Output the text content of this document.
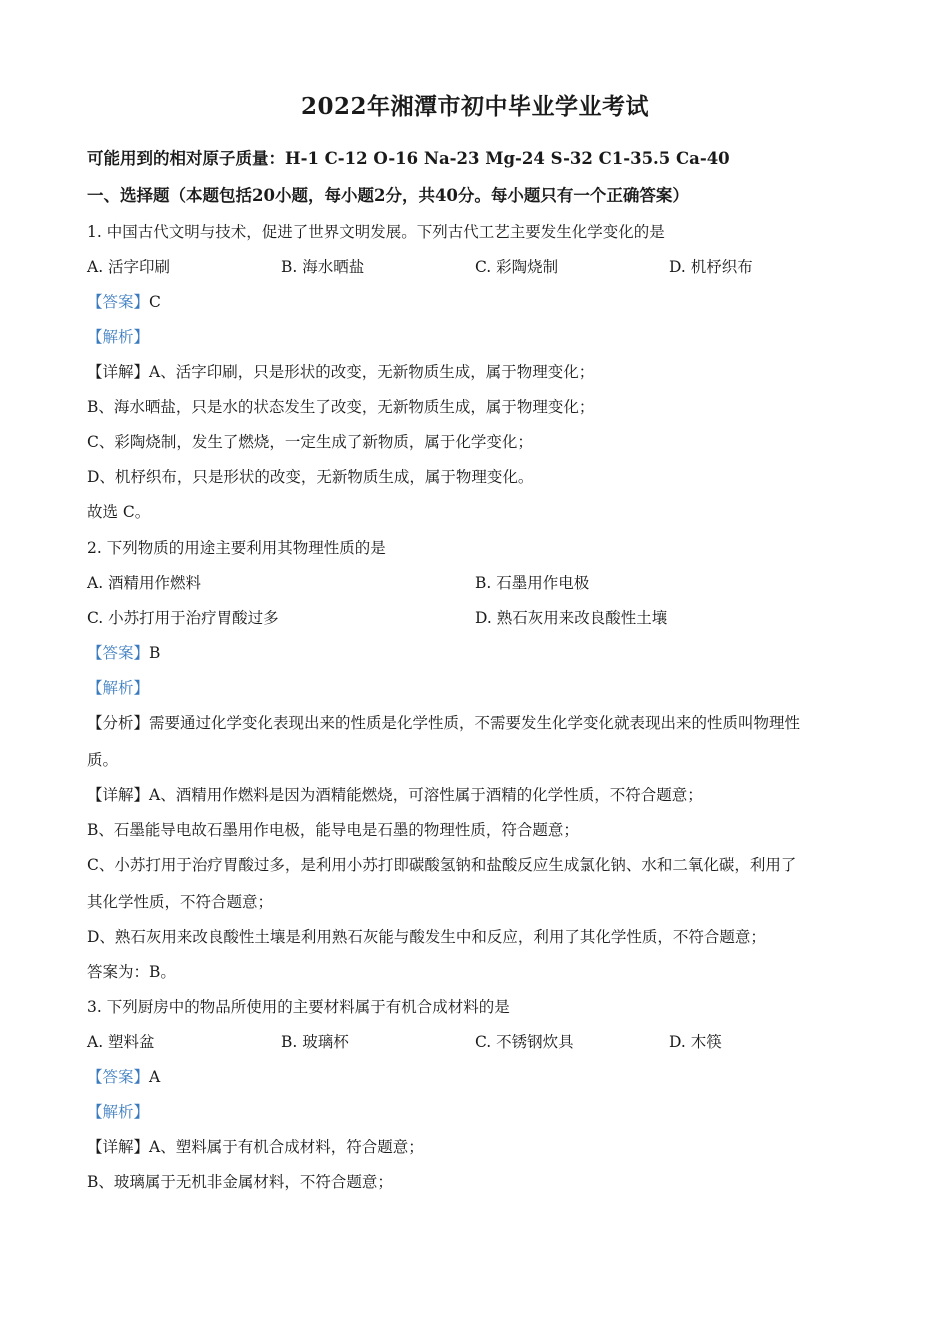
2022年湘潭市初中毕业学业考试
可能用到的相对原子质量：H-1 C-12 O-16 Na-23 Mg-24 S-32 C1-35.5 Ca-40
一、选择题（本题包括20小题，每小题2分，共40分。每小题只有一个正确答案）
1. 中国古代文明与技术，促进了世界文明发展。下列古代工艺主要发生化学变化的是
A. 活字印刷	B. 海水晒盐	C. 彩陶烧制	D. 机杼织布
【答案】C
【解析】
【详解】A、活字印刷，只是形状的改变，无新物质生成，属于物理变化；
B、海水晒盐，只是水的状态发生了改变，无新物质生成，属于物理变化；
C、彩陶烧制，发生了燃烧，一定生成了新物质，属于化学变化；
D、机杼织布，只是形状的改变，无新物质生成，属于物理变化。
故选 C。
2. 下列物质的用途主要利用其物理性质的是
A. 酒精用作燃料	B. 石墨用作电极
C. 小苏打用于治疗胃酸过多	D. 熟石灰用来改良酸性土壤
【答案】B
【解析】
【分析】需要通过化学变化表现出来的性质是化学性质，不需要发生化学变化就表现出来的性质叫物理性
质。
【详解】A、酒精用作燃料是因为酒精能燃烧，可溶性属于酒精的化学性质，不符合题意；
B、石墨能导电故石墨用作电极，能导电是石墨的物理性质，符合题意；
C、小苏打用于治疗胃酸过多，是利用小苏打即碳酸氢钠和盐酸反应生成氯化钠、水和二氧化碳，利用了
其化学性质，不符合题意；
D、熟石灰用来改良酸性土壤是利用熟石灰能与酸发生中和反应，利用了其化学性质，不符合题意；
答案为：B。
3. 下列厨房中的物品所使用的主要材料属于有机合成材料的是
A. 塑料盆	B. 玻璃杯	C. 不锈钢炊具	D. 木筷
【答案】A
【解析】
【详解】A、塑料属于有机合成材料，符合题意；
B、玻璃属于无机非金属材料，不符合题意；
